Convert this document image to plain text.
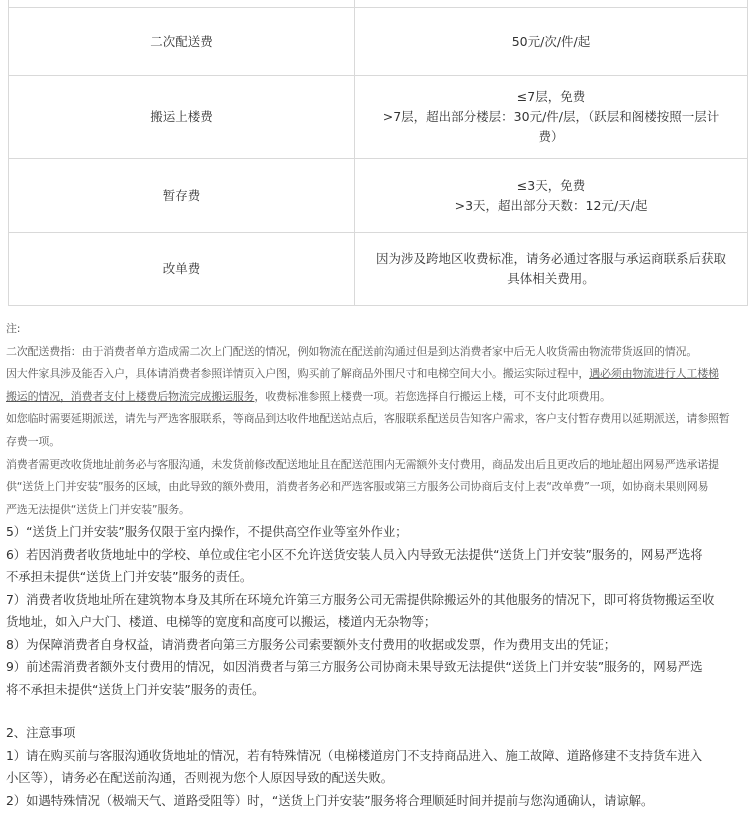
二次配送费	50元/次/件/起

搬运上楼费	≤7层，免费
>7层，超出部分楼层：30元/件/层，（跃层和阁楼按照一层计
费）

暂存费	≤3天，免费
>3天，超出部分天数：12元/天/起

改单费	因为涉及跨地区收费标准，请务必通过客服与承运商联系后获取
具体相关费用。
注:
二次配送费指：由于消费者单方造成需二次上门配送的情况，例如物流在配送前沟通过但是到达消费者家中后无人收货需由物流带货返回的情况。
因大件家具涉及能否入户，具体请消费者参照详情页入户图，购买前了解商品外围尺寸和电梯空间大小。搬运实际过程中，遇必须由物流进行人工楼梯
搬运的情况，消费者支付上楼费后物流完成搬运服务，收费标准参照上楼费一项。若您选择自行搬运上楼，可不支付此项费用。
如您临时需要延期派送，请先与严选客服联系，等商品到达收件地配送站点后，客服联系配送员告知客户需求，客户支付暂存费用以延期派送，请参照暂
存费一项。
消费者需更改收货地址前务必与客服沟通，未发货前修改配送地址且在配送范围内无需额外支付费用，商品发出后且更改后的地址超出网易严选承诺提
供“送货上门并安装”服务的区域，由此导致的额外费用，消费者务必和严选客服或第三方服务公司协商后支付上表“改单费”一项，如协商未果则网易
严选无法提供“送货上门并安装”服务。
5）“送货上门并安装”服务仅限于室内操作，不提供高空作业等室外作业；
6）若因消费者收货地址中的学校、单位或住宅小区不允许送货安装人员入内导致无法提供“送货上门并安装”服务的，网易严选将
不承担未提供“送货上门并安装”服务的责任。
7）消费者收货地址所在建筑物本身及其所在环境允许第三方服务公司无需提供除搬运外的其他服务的情况下，即可将货物搬运至收
货地址，如入户大门、楼道、电梯等的宽度和高度可以搬运，楼道内无杂物等；
8）为保障消费者自身权益，请消费者向第三方服务公司索要额外支付费用的收据或发票，作为费用支出的凭证；
9）前述需消费者额外支付费用的情况，如因消费者与第三方服务公司协商未果导致无法提供“送货上门并安装”服务的，网易严选
将不承担未提供“送货上门并安装”服务的责任。
2、注意事项
1）请在购买前与客服沟通收货地址的情况，若有特殊情况（电梯楼道房门不支持商品进入、施工故障、道路修建不支持货车进入
小区等），请务必在配送前沟通，否则视为您个人原因导致的配送失败。
2）如遇特殊情况（极端天气、道路受阻等）时，“送货上门并安装”服务将合理顺延时间并提前与您沟通确认，请谅解。
